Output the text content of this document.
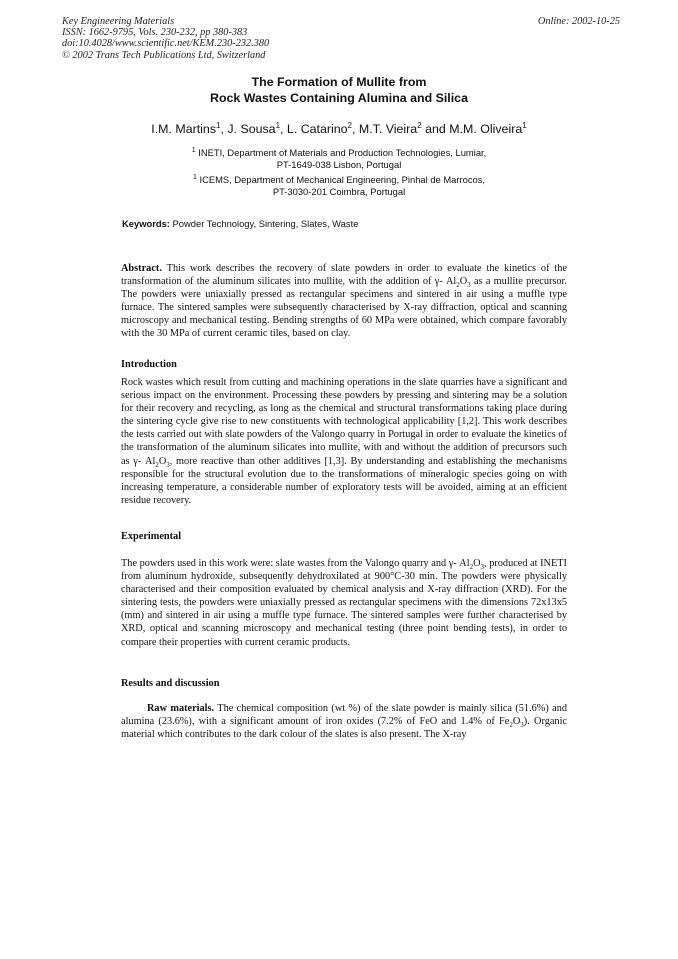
Key Engineering Materials
ISSN: 1662-9795, Vols. 230-232, pp 380-383
doi:10.4028/www.scientific.net/KEM.230-232.380
© 2002 Trans Tech Publications Ltd, Switzerland
Online: 2002-10-25
The Formation of Mullite from
Rock Wastes Containing Alumina and Silica
I.M. Martins$^1$, J. Sousa$^1$, L. Catarino$^2$, M.T. Vieira$^2$ and M.M. Oliveira$^1$
$^1$ INETI, Department of Materials and Production Technologies, Lumiar,
PT-1649-038 Lisbon, Portugal
$^1$ ICEMS, Department of Mechanical Engineering, Pinhal de Marrocos,
PT-3030-201 Coimbra, Portugal
Keywords: Powder Technology, Sintering, Slates, Waste
Abstract. This work describes the recovery of slate powders in order to evaluate the kinetics of the transformation of the aluminum silicates into mullite, with the addition of γ- $Al_2O_3$ as a mullite precursor. The powders were uniaxially pressed as rectangular specimens and sintered in air using a muffle type furnace. The sintered samples were subsequently characterised by X-ray diffraction, optical and scanning microscopy and mechanical testing. Bending strengths of 60 MPa were obtained, which compare favorably with the 30 MPa of current ceramic tiles, based on clay.
Introduction
Rock wastes which result from cutting and machining operations in the slate quarries have a significant and serious impact on the environment. Processing these powders by pressing and sintering may be a solution for their recovery and recycling, as long as the chemical and structural transformations taking place during the sintering cycle give rise to new constituents with technological applicability [1,2]. This work describes the tests carried out with slate powders of the Valongo quarry in Portugal in order to evaluate the kinetics of the transformation of the aluminum silicates into mullite, with and without the addition of precursors such as γ- $Al_2O_3$, more reactive than other additives [1,3]. By understanding and establishing the mechanisms responsible for the structural evolution due to the transformations of mineralogic species going on with increasing temperature, a considerable number of exploratory tests will be avoided, aiming at an efficient residue recovery.
Experimental
The powders used in this work were: slate wastes from the Valongo quarry and γ- $Al_2O_3$, produced at INETI from aluminum hydroxide, subsequently dehydroxilated at 900°C-30 min. The powders were physically characterised and their composition evaluated by chemical analysis and X-ray diffraction (XRD). For the sintering tests, the powders were uniaxially pressed as rectangular specimens with the dimensions 72x13x5 (mm) and sintered in air using a muffle type furnace. The sintered samples were further characterised by XRD, optical and scanning microscopy and mechanical testing (three point bending tests), in order to compare their properties with current ceramic products.
Results and discussion
Raw materials. The chemical composition (wt %) of the slate powder is mainly silica (51.6%) and alumina (23.6%), with a significant amount of iron oxides (7.2% of FeO and 1.4% of $Fe_2O_3$). Organic material which contributes to the dark colour of the slates is also present. The X-ray
